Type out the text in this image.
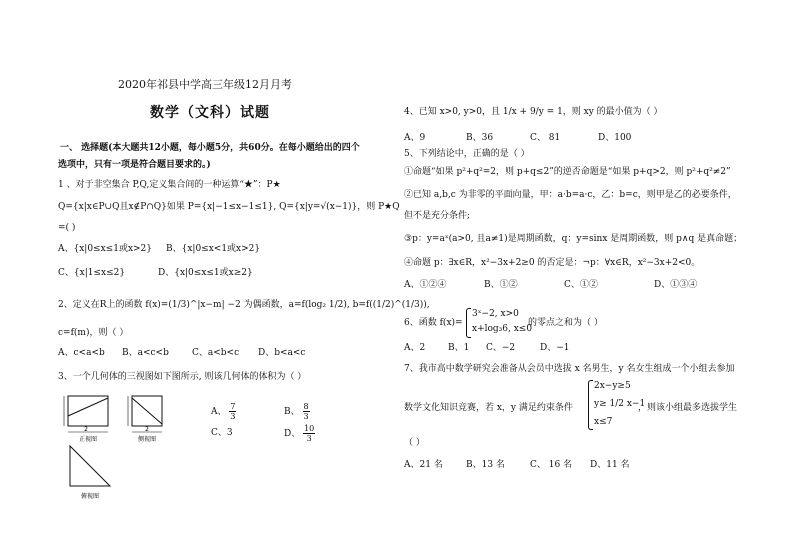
2020年祁县中学高三年级12月月考
数学（文科）试题
一、 选择题(本大题共12小题，每小题5分，共60分。在每小题给出的四个
选项中，只有一项是符合题目要求的。)
1 、对于非空集合 P,Q,定义集合间的一种运算“★”：P★
Q={x|x∈P∪Q且x∉P∩Q}如果 P={x|−1≤x−1≤1}, Q={x|y=√(x−1)}，则 P★Q
=( )
A、{x|0≤x≤1或x>2} B、{x|0≤x<1或x>2}
C、{x|1≤x≤2}	D、{x|0≤x≤1或x≥2}
2、定义在R上的函数 f(x)=(1/3)^|x−m| −2 为偶函数，a=f(log₂ 1/2), b=f((1/2)^(1/3)),
c=f(m)，则（ ）
A、c<a<b B、a<c<b	C、a<b<c D、b<a<c
3、一个几何体的三视图如下图所示, 则该几何体的体积为（ ）
2
正视图
2
侧视图
俯视图
A、 $\frac{7}{3}$	B、 $\frac{8}{3}$
C、3	D、 $\frac{10}{3}$
4、已知 x>0, y>0，且 1/x + 9/y = 1，则 xy 的最小值为（ ）
A、9	B、36	C、 81	D、100
5、下列结论中，正确的是（ ）
①命题“如果 p²+q²=2，则 p+q≤2”的逆否命题是“如果 p+q>2，则 p²+q²≠2”
②已知 a,b,c 为非零的平面向量，甲：a·b=a·c，乙：b=c，则甲是乙的必要条件，
但不是充分条件;
③p：y=aˣ(a>0, 且a≠1)是周期函数，q：y=sinx 是周期函数，则 p∧q 是真命题；
④命题 p：∃x∈R，x²−3x+2≥0 的否定是：¬p：∀x∈R，x²−3x+2<0。
A、①②④	B、①②	C、①②	D、①③④
6、函数 f(x)=
3ˣ−2, x>0
x+log₃6, x≤0
的零点之和为（ ）
A、2	B、1 C、−2	D、−1
7、我市高中数学研究会准备从会员中选拔 x 名男生，y 名女生组成一个小组去参加
数学文化知识竞赛，若 x，y 满足约束条件
2x−y≥5
y≥ 1/2 x−1
x≤7
，则该小组最多选拔学生
（ ）
A、21 名	B、13 名	C、 16 名 D、11 名
